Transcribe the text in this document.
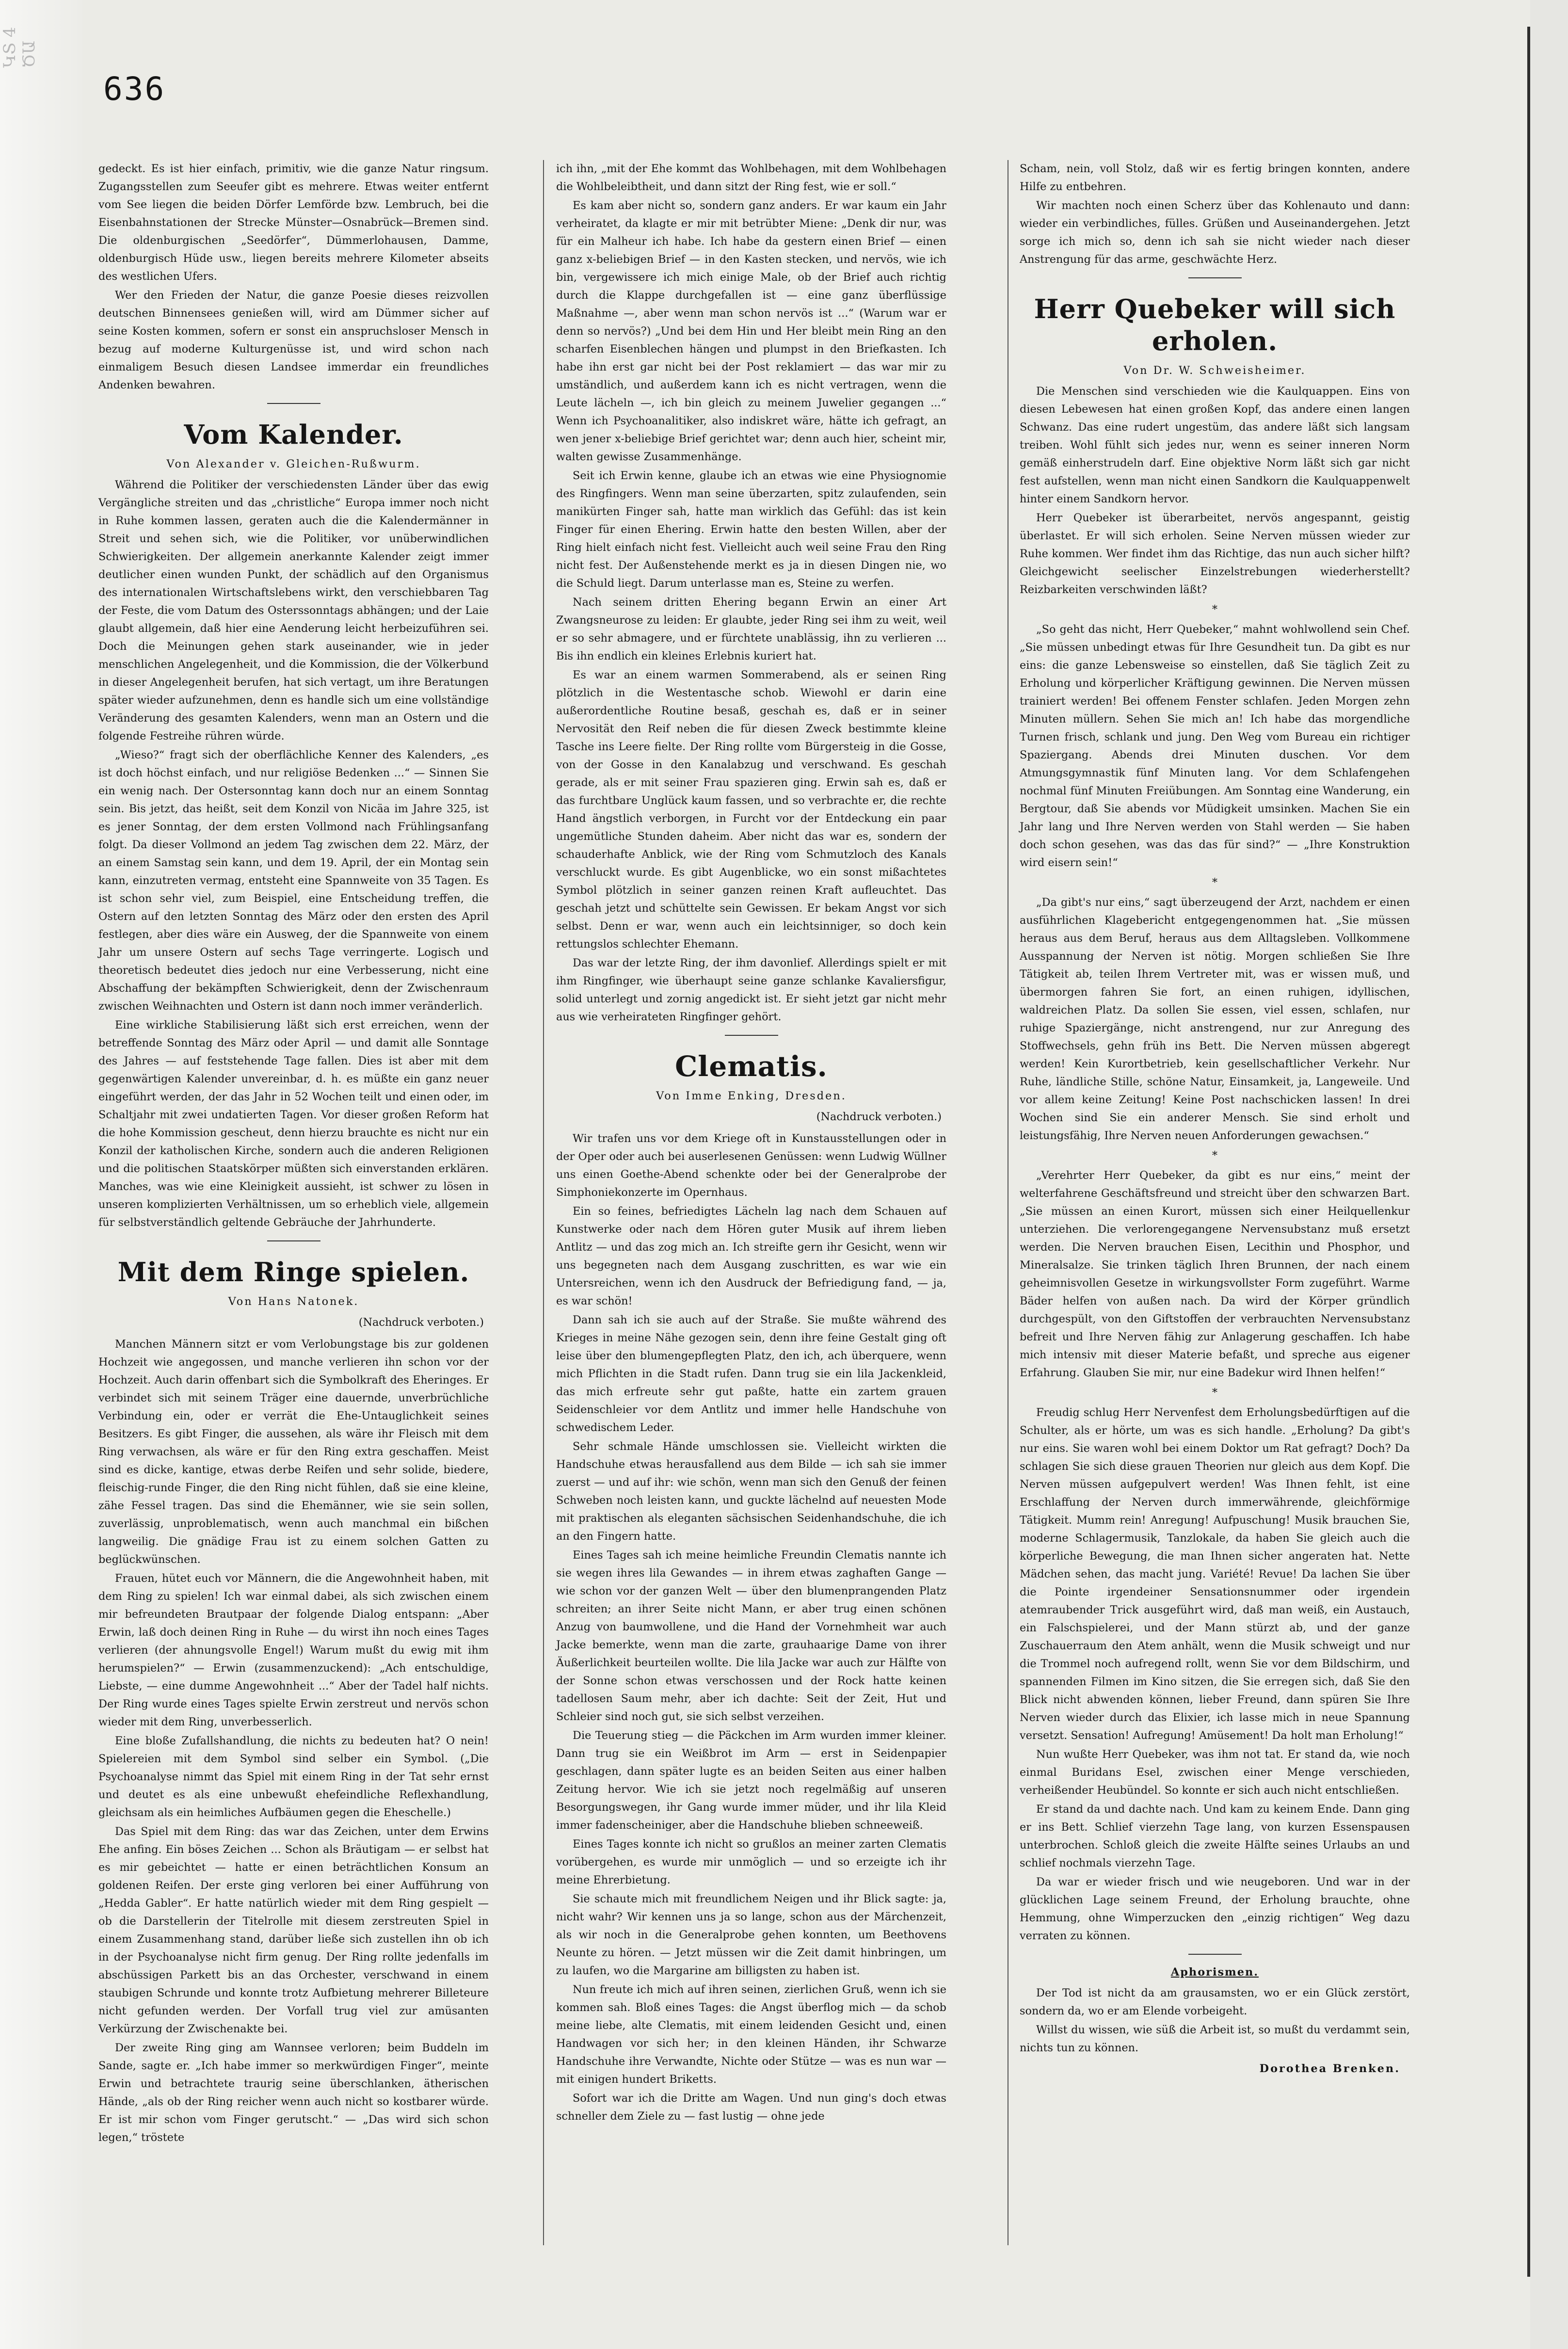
ԿՏ 4 ԾԱ
636

gedeckt. Es ist hier einfach, primitiv, wie die ganze Natur ringsum. Zugangsstellen zum Seeufer gibt es mehrere. Etwas weiter entfernt vom See liegen die beiden Dörfer Lemförde bzw. Lembruch, bei die Eisenbahnstationen der Strecke Münster—Osnabrück—Bremen sind. Die oldenburgischen „Seedörfer“, Dümmerlohausen, Damme, oldenburgisch Hüde usw., liegen bereits mehrere Kilometer abseits des westlichen Ufers.

Wer den Frieden der Natur, die ganze Poesie dieses reizvollen deutschen Binnensees genießen will, wird am Dümmer sicher auf seine Kosten kommen, sofern er sonst ein anspruchsloser Mensch in bezug auf moderne Kulturgenüsse ist, und wird schon nach einmaligem Besuch diesen Landsee immerdar ein freundliches Andenken bewahren.

Vom Kalender.
Von Alexander v. Gleichen-Rußwurm.

Während die Politiker der verschiedensten Länder über das ewig Vergängliche streiten und das „christliche“ Europa immer noch nicht in Ruhe kommen lassen, geraten auch die die Kalendermänner in Streit und sehen sich, wie die Politiker, vor unüberwindlichen Schwierigkeiten. Der allgemein anerkannte Kalender zeigt immer deutlicher einen wunden Punkt, der schädlich auf den Organismus des internationalen Wirtschaftslebens wirkt, den verschiebbaren Tag der Feste, die vom Datum des Osterssonntags abhängen; und der Laie glaubt allgemein, daß hier eine Aenderung leicht herbeizuführen sei. Doch die Meinungen gehen stark auseinander, wie in jeder menschlichen Angelegenheit, und die Kommission, die der Völkerbund in dieser Angelegenheit berufen, hat sich vertagt, um ihre Beratungen später wieder aufzunehmen, denn es handle sich um eine vollständige Veränderung des gesamten Kalenders, wenn man an Ostern und die folgende Festreihe rühren würde.

„Wieso?“ fragt sich der oberflächliche Kenner des Kalenders, „es ist doch höchst einfach, und nur religiöse Bedenken ...“ — Sinnen Sie ein wenig nach. Der Ostersonntag kann doch nur an einem Sonntag sein. Bis jetzt, das heißt, seit dem Konzil von Nicäa im Jahre 325, ist es jener Sonntag, der dem ersten Vollmond nach Frühlingsanfang folgt. Da dieser Vollmond an jedem Tag zwischen dem 22. März, der an einem Samstag sein kann, und dem 19. April, der ein Montag sein kann, einzutreten vermag, entsteht eine Spannweite von 35 Tagen. Es ist schon sehr viel, zum Beispiel, eine Entscheidung treffen, die Ostern auf den letzten Sonntag des März oder den ersten des April festlegen, aber dies wäre ein Ausweg, der die Spannweite von einem Jahr um unsere Ostern auf sechs Tage verringerte. Logisch und theoretisch bedeutet dies jedoch nur eine Verbesserung, nicht eine Abschaffung der bekämpften Schwierigkeit, denn der Zwischenraum zwischen Weihnachten und Ostern ist dann noch immer veränderlich.

Eine wirkliche Stabilisierung läßt sich erst erreichen, wenn der betreffende Sonntag des März oder April — und damit alle Sonntage des Jahres — auf feststehende Tage fallen. Dies ist aber mit dem gegenwärtigen Kalender unvereinbar, d. h. es müßte ein ganz neuer eingeführt werden, der das Jahr in 52 Wochen teilt und einen oder, im Schaltjahr mit zwei undatierten Tagen. Vor dieser großen Reform hat die hohe Kommission gescheut, denn hierzu brauchte es nicht nur ein Konzil der katholischen Kirche, sondern auch die anderen Religionen und die politischen Staatskörper müßten sich einverstanden erklären. Manches, was wie eine Kleinigkeit aussieht, ist schwer zu lösen in unseren komplizierten Verhältnissen, um so erheblich viele, allgemein für selbstverständlich geltende Gebräuche der Jahrhunderte.

Mit dem Ringe spielen.
Von Hans Natonek.
(Nachdruck verboten.)

Manchen Männern sitzt er vom Verlobungstage bis zur goldenen Hochzeit wie angegossen, und manche verlieren ihn schon vor der Hochzeit. Auch darin offenbart sich die Symbolkraft des Eheringes. Er verbindet sich mit seinem Träger eine dauernde, unverbrüchliche Verbindung ein, oder er verrät die Ehe-Untauglichkeit seines Besitzers. Es gibt Finger, die aussehen, als wäre ihr Fleisch mit dem Ring verwachsen, als wäre er für den Ring extra geschaffen. Meist sind es dicke, kantige, etwas derbe Reifen und sehr solide, biedere, fleischig-runde Finger, die den Ring nicht fühlen, daß sie eine kleine, zähe Fessel tragen. Das sind die Ehemänner, wie sie sein sollen, zuverlässig, unproblematisch, wenn auch manchmal ein bißchen langweilig. Die gnädige Frau ist zu einem solchen Gatten zu beglückwünschen.

Frauen, hütet euch vor Männern, die die Angewohnheit haben, mit dem Ring zu spielen! Ich war einmal dabei, als sich zwischen einem mir befreundeten Brautpaar der folgende Dialog entspann: „Aber Erwin, laß doch deinen Ring in Ruhe — du wirst ihn noch eines Tages verlieren (der ahnungsvolle Engel!) Warum mußt du ewig mit ihm herumspielen?“ — Erwin (zusammenzuckend): „Ach entschuldige, Liebste, — eine dumme Angewohnheit ...“ Aber der Tadel half nichts. Der Ring wurde eines Tages spielte Erwin zerstreut und nervös schon wieder mit dem Ring, unverbesserlich.

Eine bloße Zufallshandlung, die nichts zu bedeuten hat? O nein! Spielereien mit dem Symbol sind selber ein Symbol. („Die Psychoanalyse nimmt das Spiel mit einem Ring in der Tat sehr ernst und deutet es als eine unbewußt ehefeindliche Reflexhandlung, gleichsam als ein heimliches Aufbäumen gegen die Eheschelle.)

Das Spiel mit dem Ring: das war das Zeichen, unter dem Erwins Ehe anfing. Ein böses Zeichen ... Schon als Bräutigam — er selbst hat es mir gebeichtet — hatte er einen beträchtlichen Konsum an goldenen Reifen. Der erste ging verloren bei einer Aufführung von „Hedda Gabler“. Er hatte natürlich wieder mit dem Ring gespielt — ob die Darstellerin der Titelrolle mit diesem zerstreuten Spiel in einem Zusammenhang stand, darüber ließe sich zustellen ihn ob ich in der Psychoanalyse nicht firm genug. Der Ring rollte jedenfalls im abschüssigen Parkett bis an das Orchester, verschwand in einem staubigen Schrunde und konnte trotz Aufbietung mehrerer Billeteure nicht gefunden werden. Der Vorfall trug viel zur amüsanten Verkürzung der Zwischenakte bei.

Der zweite Ring ging am Wannsee verloren; beim Buddeln im Sande, sagte er. „Ich habe immer so merkwürdigen Finger“, meinte Erwin und betrachtete traurig seine überschlanken, ätherischen Hände, „als ob der Ring reicher wenn auch nicht so kostbarer würde. Er ist mir schon vom Finger gerutscht.“ — „Das wird sich schon legen,“ tröstete

ich ihn, „mit der Ehe kommt das Wohlbehagen, mit dem Wohlbehagen die Wohlbeleibtheit, und dann sitzt der Ring fest, wie er soll.“

Es kam aber nicht so, sondern ganz anders. Er war kaum ein Jahr verheiratet, da klagte er mir mit betrübter Miene: „Denk dir nur, was für ein Malheur ich habe. Ich habe da gestern einen Brief — einen ganz x-beliebigen Brief — in den Kasten stecken, und nervös, wie ich bin, vergewissere ich mich einige Male, ob der Brief auch richtig durch die Klappe durchgefallen ist — eine ganz überflüssige Maßnahme —, aber wenn man schon nervös ist ...“ (Warum war er denn so nervös?) „Und bei dem Hin und Her bleibt mein Ring an den scharfen Eisenblechen hängen und plumpst in den Briefkasten. Ich habe ihn erst gar nicht bei der Post reklamiert — das war mir zu umständlich, und außerdem kann ich es nicht vertragen, wenn die Leute lächeln —, ich bin gleich zu meinem Juwelier gegangen ...“ Wenn ich Psychoanalitiker, also indiskret wäre, hätte ich gefragt, an wen jener x-beliebige Brief gerichtet war; denn auch hier, scheint mir, walten gewisse Zusammenhänge.

Seit ich Erwin kenne, glaube ich an etwas wie eine Physiognomie des Ringfingers. Wenn man seine überzarten, spitz zulaufenden, sein manikürten Finger sah, hatte man wirklich das Gefühl: das ist kein Finger für einen Ehering. Erwin hatte den besten Willen, aber der Ring hielt einfach nicht fest. Vielleicht auch weil seine Frau den Ring nicht fest. Der Außenstehende merkt es ja in diesen Dingen nie, wo die Schuld liegt. Darum unterlasse man es, Steine zu werfen.

Nach seinem dritten Ehering begann Erwin an einer Art Zwangsneurose zu leiden: Er glaubte, jeder Ring sei ihm zu weit, weil er so sehr abmagere, und er fürchtete unablässig, ihn zu verlieren ... Bis ihn endlich ein kleines Erlebnis kuriert hat.

Es war an einem warmen Sommerabend, als er seinen Ring plötzlich in die Westentasche schob. Wiewohl er darin eine außerordentliche Routine besaß, geschah es, daß er in seiner Nervosität den Reif neben die für diesen Zweck bestimmte kleine Tasche ins Leere fielte. Der Ring rollte vom Bürgersteig in die Gosse, von der Gosse in den Kanalabzug und verschwand. Es geschah gerade, als er mit seiner Frau spazieren ging. Erwin sah es, daß er das furchtbare Unglück kaum fassen, und so verbrachte er, die rechte Hand ängstlich verborgen, in Furcht vor der Entdeckung ein paar ungemütliche Stunden daheim. Aber nicht das war es, sondern der schauderhafte Anblick, wie der Ring vom Schmutzloch des Kanals verschluckt wurde. Es gibt Augenblicke, wo ein sonst mißachtetes Symbol plötzlich in seiner ganzen reinen Kraft aufleuchtet. Das geschah jetzt und schüttelte sein Gewissen. Er bekam Angst vor sich selbst. Denn er war, wenn auch ein leichtsinniger, so doch kein rettungslos schlechter Ehemann.

Das war der letzte Ring, der ihm davonlief. Allerdings spielt er mit ihm Ringfinger, wie überhaupt seine ganze schlanke Kavaliersfigur, solid unterlegt und zornig angedickt ist. Er sieht jetzt gar nicht mehr aus wie verheirateten Ringfinger gehört.

Clematis.
Von Imme Enking, Dresden.
(Nachdruck verboten.)

Wir trafen uns vor dem Kriege oft in Kunstausstellungen oder in der Oper oder auch bei auserlesenen Genüssen: wenn Ludwig Wüllner uns einen Goethe-Abend schenkte oder bei der Generalprobe der Simphoniekonzerte im Opernhaus.

Ein so feines, befriedigtes Lächeln lag nach dem Schauen auf Kunstwerke oder nach dem Hören guter Musik auf ihrem lieben Antlitz — und das zog mich an. Ich streifte gern ihr Gesicht, wenn wir uns begegneten nach dem Ausgang zuschritten, es war wie ein Untersreichen, wenn ich den Ausdruck der Befriedigung fand, — ja, es war schön!

Dann sah ich sie auch auf der Straße. Sie mußte während des Krieges in meine Nähe gezogen sein, denn ihre feine Gestalt ging oft leise über den blumengepflegten Platz, den ich, ach überquere, wenn mich Pflichten in die Stadt rufen. Dann trug sie ein lila Jackenkleid, das mich erfreute sehr gut paßte, hatte ein zartem grauen Seidenschleier vor dem Antlitz und immer helle Handschuhe von schwedischem Leder.

Sehr schmale Hände umschlossen sie. Vielleicht wirkten die Handschuhe etwas herausfallend aus dem Bilde — ich sah sie immer zuerst — und auf ihr: wie schön, wenn man sich den Genuß der feinen Schweben noch leisten kann, und guckte lächelnd auf neuesten Mode mit praktischen als eleganten sächsischen Seidenhandschuhe, die ich an den Fingern hatte.

Eines Tages sah ich meine heimliche Freundin Clematis nannte ich sie wegen ihres lila Gewandes — in ihrem etwas zaghaften Gange — wie schon vor der ganzen Welt — über den blumenprangenden Platz schreiten; an ihrer Seite nicht Mann, er aber trug einen schönen Anzug von baumwollene, und die Hand der Vornehmheit war auch Jacke bemerkte, wenn man die zarte, grauhaarige Dame von ihrer Äußerlichkeit beurteilen wollte. Die lila Jacke war auch zur Hälfte von der Sonne schon etwas verschossen und der Rock hatte keinen tadellosen Saum mehr, aber ich dachte: Seit der Zeit, Hut und Schleier sind noch gut, sie sich selbst verzeihen.

Die Teuerung stieg — die Päckchen im Arm wurden immer kleiner. Dann trug sie ein Weißbrot im Arm — erst in Seidenpapier geschlagen, dann später lugte es an beiden Seiten aus einer halben Zeitung hervor. Wie ich sie jetzt noch regelmäßig auf unseren Besorgungswegen, ihr Gang wurde immer müder, und ihr lila Kleid immer fadenscheiniger, aber die Handschuhe blieben schneeweiß.

Eines Tages konnte ich nicht so grußlos an meiner zarten Clematis vorübergehen, es wurde mir unmöglich — und so erzeigte ich ihr meine Ehrerbietung.

Sie schaute mich mit freundlichem Neigen und ihr Blick sagte: ja, nicht wahr? Wir kennen uns ja so lange, schon aus der Märchenzeit, als wir noch in die Generalprobe gehen konnten, um Beethovens Neunte zu hören. — Jetzt müssen wir die Zeit damit hinbringen, um zu laufen, wo die Margarine am billigsten zu haben ist.

Nun freute ich mich auf ihren seinen, zierlichen Gruß, wenn ich sie kommen sah. Bloß eines Tages: die Angst überflog mich — da schob meine liebe, alte Clematis, mit einem leidenden Gesicht und, einen Handwagen vor sich her; in den kleinen Händen, ihr Schwarze Handschuhe ihre Verwandte, Nichte oder Stütze — was es nun war — mit einigen hundert Briketts.

Sofort war ich die Dritte am Wagen. Und nun ging's doch etwas schneller dem Ziele zu — fast lustig — ohne jede

Scham, nein, voll Stolz, daß wir es fertig bringen konnten, andere Hilfe zu entbehren.

Wir machten noch einen Scherz über das Kohlenauto und dann: wieder ein verbindliches, fülles. Grüßen und Auseinandergehen. Jetzt sorge ich mich so, denn ich sah sie nicht wieder nach dieser Anstrengung für das arme, geschwächte Herz.

Herr Quebeker will sich erholen.
Von Dr. W. Schweisheimer.

Die Menschen sind verschieden wie die Kaulquappen. Eins von diesen Lebewesen hat einen großen Kopf, das andere einen langen Schwanz. Das eine rudert ungestüm, das andere läßt sich langsam treiben. Wohl fühlt sich jedes nur, wenn es seiner inneren Norm gemäß einherstrudeln darf. Eine objektive Norm läßt sich gar nicht fest aufstellen, wenn man nicht einen Sandkorn die Kaulquappenwelt hinter einem Sandkorn hervor.

Herr Quebeker ist überarbeitet, nervös angespannt, geistig überlastet. Er will sich erholen. Seine Nerven müssen wieder zur Ruhe kommen. Wer findet ihm das Richtige, das nun auch sicher hilft? Gleichgewicht seelischer Einzelstrebungen wiederherstellt? Reizbarkeiten verschwinden läßt?

*

„So geht das nicht, Herr Quebeker,“ mahnt wohlwollend sein Chef. „Sie müssen unbedingt etwas für Ihre Gesundheit tun. Da gibt es nur eins: die ganze Lebensweise so einstellen, daß Sie täglich Zeit zu Erholung und körperlicher Kräftigung gewinnen. Die Nerven müssen trainiert werden! Bei offenem Fenster schlafen. Jeden Morgen zehn Minuten müllern. Sehen Sie mich an! Ich habe das morgendliche Turnen frisch, schlank und jung. Den Weg vom Bureau ein richtiger Spaziergang. Abends drei Minuten duschen. Vor dem Atmungsgymnastik fünf Minuten lang. Vor dem Schlafengehen nochmal fünf Minuten Freiübungen. Am Sonntag eine Wanderung, ein Bergtour, daß Sie abends vor Müdigkeit umsinken. Machen Sie ein Jahr lang und Ihre Nerven werden von Stahl werden — Sie haben doch schon gesehen, was das das für sind?“ — „Ihre Konstruktion wird eisern sein!“

*

„Da gibt's nur eins,“ sagt überzeugend der Arzt, nachdem er einen ausführlichen Klagebericht entgegengenommen hat. „Sie müssen heraus aus dem Beruf, heraus aus dem Alltagsleben. Vollkommene Ausspannung der Nerven ist nötig. Morgen schließen Sie Ihre Tätigkeit ab, teilen Ihrem Vertreter mit, was er wissen muß, und übermorgen fahren Sie fort, an einen ruhigen, idyllischen, waldreichen Platz. Da sollen Sie essen, viel essen, schlafen, nur ruhige Spaziergänge, nicht anstrengend, nur zur Anregung des Stoffwechsels, gehn früh ins Bett. Die Nerven müssen abgeregt werden! Kein Kurortbetrieb, kein gesellschaftlicher Verkehr. Nur Ruhe, ländliche Stille, schöne Natur, Einsamkeit, ja, Langeweile. Und vor allem keine Zeitung! Keine Post nachschicken lassen! In drei Wochen sind Sie ein anderer Mensch. Sie sind erholt und leistungsfähig, Ihre Nerven neuen Anforderungen gewachsen.“

*

„Verehrter Herr Quebeker, da gibt es nur eins,“ meint der welterfahrene Geschäftsfreund und streicht über den schwarzen Bart. „Sie müssen an einen Kurort, müssen sich einer Heilquellenkur unterziehen. Die verlorengegangene Nervensubstanz muß ersetzt werden. Die Nerven brauchen Eisen, Lecithin und Phosphor, und Mineralsalze. Sie trinken täglich Ihren Brunnen, der nach einem geheimnisvollen Gesetze in wirkungsvollster Form zugeführt. Warme Bäder helfen von außen nach. Da wird der Körper gründlich durchgespült, von den Giftstoffen der verbrauchten Nervensubstanz befreit und Ihre Nerven fähig zur Anlagerung geschaffen. Ich habe mich intensiv mit dieser Materie befaßt, und spreche aus eigener Erfahrung. Glauben Sie mir, nur eine Badekur wird Ihnen helfen!“

*

Freudig schlug Herr Nervenfest dem Erholungsbedürftigen auf die Schulter, als er hörte, um was es sich handle. „Erholung? Da gibt's nur eins. Sie waren wohl bei einem Doktor um Rat gefragt? Doch? Da schlagen Sie sich diese grauen Theorien nur gleich aus dem Kopf. Die Nerven müssen aufgepulvert werden! Was Ihnen fehlt, ist eine Erschlaffung der Nerven durch immerwährende, gleichförmige Tätigkeit. Mumm rein! Anregung! Aufpuschung! Musik brauchen Sie, moderne Schlagermusik, Tanzlokale, da haben Sie gleich auch die körperliche Bewegung, die man Ihnen sicher angeraten hat. Nette Mädchen sehen, das macht jung. Variété! Revue! Da lachen Sie über die Pointe irgendeiner Sensationsnummer oder irgendein atemraubender Trick ausgeführt wird, daß man weiß, ein Austauch, ein Falschspielerei, und der Mann stürzt ab, und der ganze Zuschauerraum den Atem anhält, wenn die Musik schweigt und nur die Trommel noch aufregend rollt, wenn Sie vor dem Bildschirm, und spannenden Filmen im Kino sitzen, die Sie erregen sich, daß Sie den Blick nicht abwenden können, lieber Freund, dann spüren Sie Ihre Nerven wieder durch das Elixier, ich lasse mich in neue Spannung versetzt. Sensation! Aufregung! Amüsement! Da holt man Erholung!“

Nun wußte Herr Quebeker, was ihm not tat. Er stand da, wie noch einmal Buridans Esel, zwischen einer Menge verschieden, verheißender Heubündel. So konnte er sich auch nicht entschließen.

Er stand da und dachte nach. Und kam zu keinem Ende. Dann ging er ins Bett. Schlief vierzehn Tage lang, von kurzen Essenspausen unterbrochen. Schloß gleich die zweite Hälfte seines Urlaubs an und schlief nochmals vierzehn Tage.

Da war er wieder frisch und wie neugeboren. Und war in der glücklichen Lage seinem Freund, der Erholung brauchte, ohne Hemmung, ohne Wimperzucken den „einzig richtigen“ Weg dazu verraten zu können.

Aphorismen.

Der Tod ist nicht da am grausamsten, wo er ein Glück zerstört, sondern da, wo er am Elende vorbeigeht.

Willst du wissen, wie süß die Arbeit ist, so mußt du verdammt sein, nichts tun zu können.

Dorothea Brenken.
